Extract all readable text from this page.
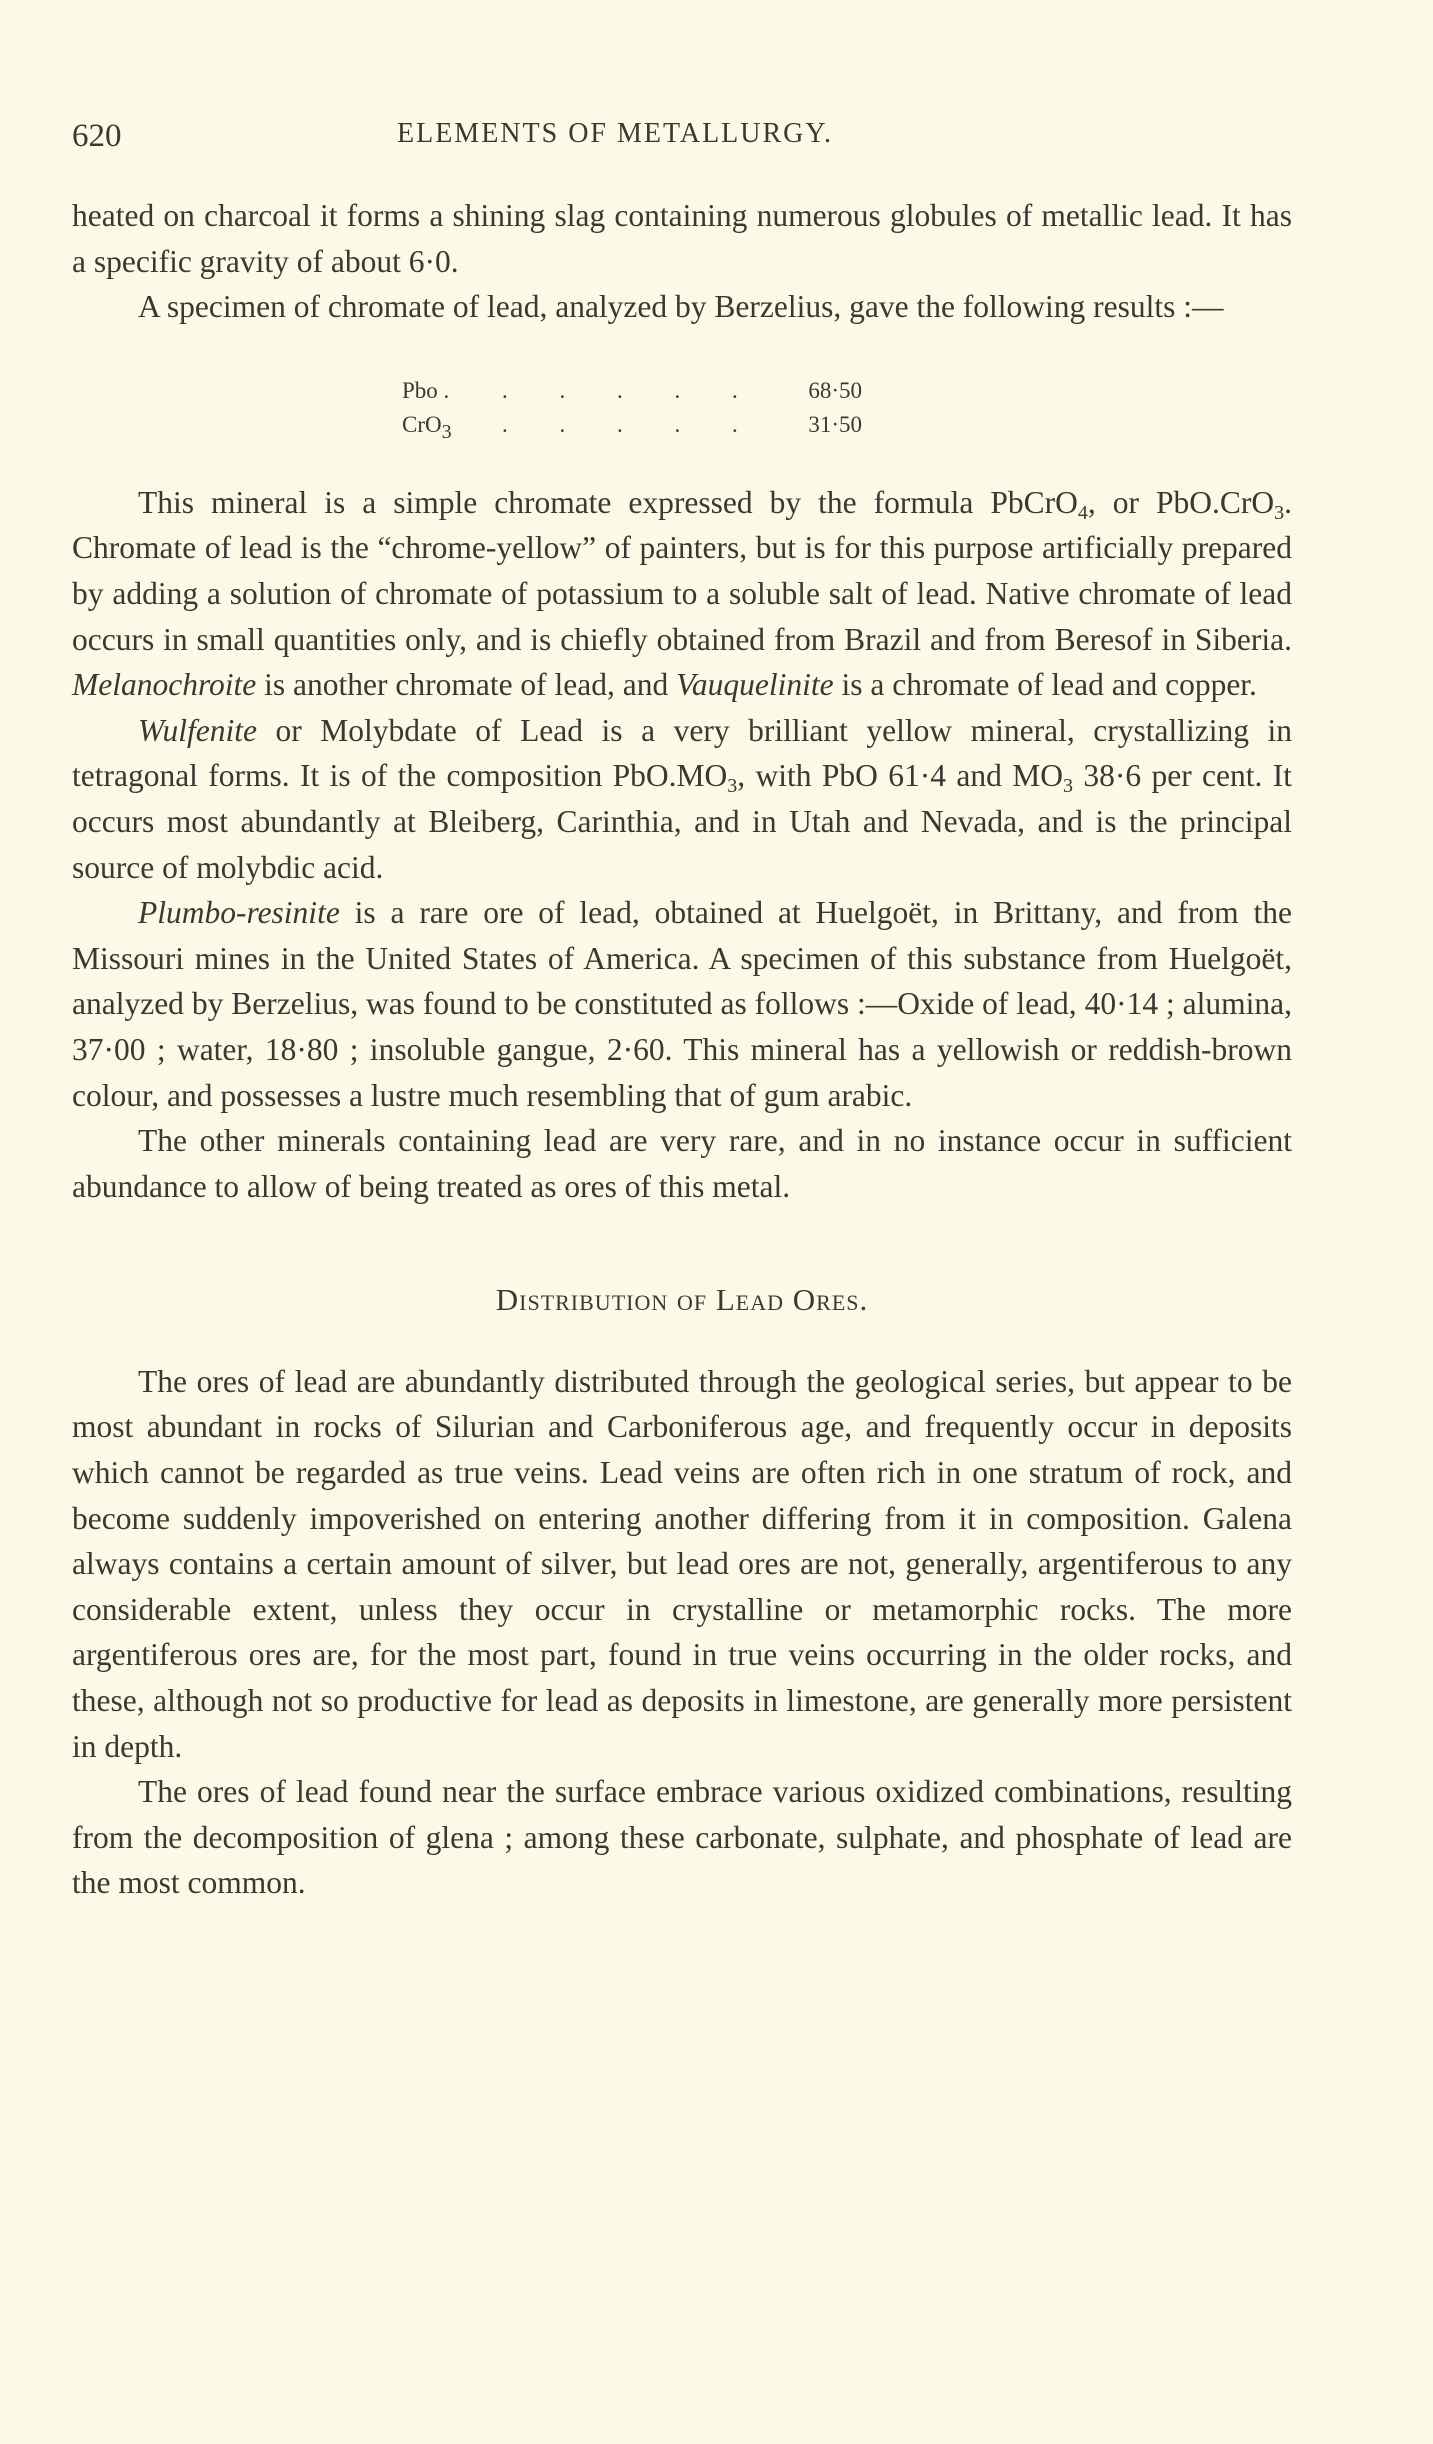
620	ELEMENTS OF METALLURGY.

heated on charcoal it forms a shining slag containing numerous globules of metallic lead. It has a specific gravity of about 6·0.

A specimen of chromate of lead, analyzed by Berzelius, gave the following results :—

Pbo .	. . . . .	68·50
CrO$_3$	. . . . .	31·50

This mineral is a simple chromate expressed by the formula PbCrO$_4$, or PbO.CrO$_3$. Chromate of lead is the “chrome-yellow” of painters, but is for this purpose artificially prepared by adding a solution of chromate of potassium to a soluble salt of lead. Native chromate of lead occurs in small quantities only, and is chiefly obtained from Brazil and from Beresof in Siberia. Melanochroite is another chromate of lead, and Vauquelinite is a chromate of lead and copper.

Wulfenite or Molybdate of Lead is a very brilliant yellow mineral, crystallizing in tetragonal forms. It is of the composition $PbO.MO_3$, with PbO 61·4 and $MO_3$ 38·6 per cent. It occurs most abundantly at Bleiberg, Carinthia, and in Utah and Nevada, and is the principal source of molybdic acid.

Plumbo-resinite is a rare ore of lead, obtained at Huelgoët, in Brittany, and from the Missouri mines in the United States of America. A specimen of this substance from Huelgoët, analyzed by Berzelius, was found to be constituted as follows :—Oxide of lead, 40·14 ; alumina, 37·00 ; water, 18·80 ; insoluble gangue, 2·60. This mineral has a yellowish or reddish-brown colour, and possesses a lustre much resembling that of gum arabic.

The other minerals containing lead are very rare, and in no instance occur in sufficient abundance to allow of being treated as ores of this metal.

Distribution of Lead Ores.

The ores of lead are abundantly distributed through the geological series, but appear to be most abundant in rocks of Silurian and Carboniferous age, and frequently occur in deposits which cannot be regarded as true veins. Lead veins are often rich in one stratum of rock, and become suddenly impoverished on entering another differing from it in composition. Galena always contains a certain amount of silver, but lead ores are not, generally, argentiferous to any considerable extent, unless they occur in crystalline or metamorphic rocks. The more argentiferous ores are, for the most part, found in true veins occurring in the older rocks, and these, although not so productive for lead as deposits in limestone, are generally more persistent in depth.

The ores of lead found near the surface embrace various oxidized combinations, resulting from the decomposition of glena ; among these carbonate, sulphate, and phosphate of lead are the most common.
